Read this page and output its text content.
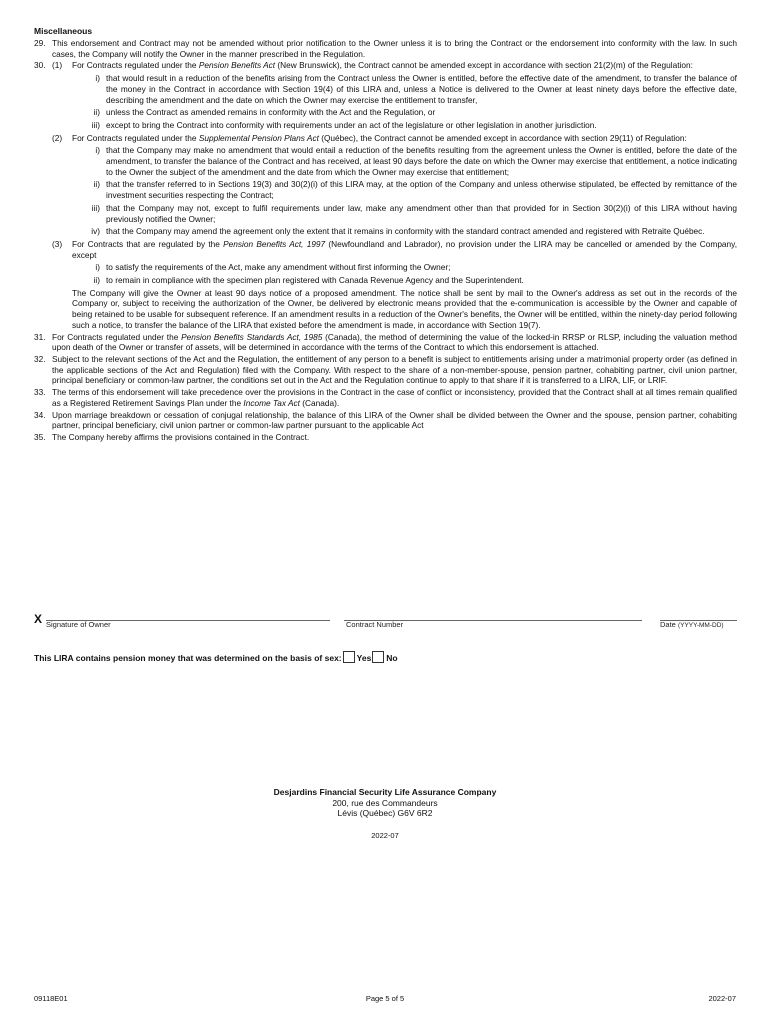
Miscellaneous
29. This endorsement and Contract may not be amended without prior notification to the Owner unless it is to bring the Contract or the endorsement into conformity with the law. In such cases, the Company will notify the Owner in the manner prescribed in the Regulation.
30. (1) For Contracts regulated under the Pension Benefits Act (New Brunswick), the Contract cannot be amended except in accordance with section 21(2)(m) of the Regulation:
i) that would result in a reduction of the benefits arising from the Contract unless the Owner is entitled, before the effective date of the amendment, to transfer the balance of the money in the Contract in accordance with Section 19(4) of this LIRA and, unless a Notice is delivered to the Owner at least ninety days before the effective date, describing the amendment and the date on which the Owner may exercise the entitlement to transfer,
ii) unless the Contract as amended remains in conformity with the Act and the Regulation, or
iii) except to bring the Contract into conformity with requirements under an act of the legislature or other legislation in another jurisdiction.
(2) For Contracts regulated under the Supplemental Pension Plans Act (Québec), the Contract cannot be amended except in accordance with section 29(11) of Regulation:
i) that the Company may make no amendment that would entail a reduction of the benefits resulting from the agreement unless the Owner is entitled, before the date of the amendment, to transfer the balance of the Contract and has received, at least 90 days before the date on which the Owner may exercise that entitlement, a notice indicating to the Owner the subject of the amendment and the date from which the Owner may exercise that entitlement;
ii) that the transfer referred to in Sections 19(3) and 30(2)(i) of this LIRA may, at the option of the Company and unless otherwise stipulated, be effected by remittance of the investment securities respecting the Contract;
iii) that the Company may not, except to fulfil requirements under law, make any amendment other than that provided for in Section 30(2)(i) of this LIRA without having previously notified the Owner;
iv) that the Company may amend the agreement only the extent that it remains in conformity with the standard contract amended and registered with Retraite Québec.
(3) For Contracts that are regulated by the Pension Benefits Act, 1997 (Newfoundland and Labrador), no provision under the LIRA may be cancelled or amended by the Company, except
i) to satisfy the requirements of the Act, make any amendment without first informing the Owner;
ii) to remain in compliance with the specimen plan registered with Canada Revenue Agency and the Superintendent.
The Company will give the Owner at least 90 days notice of a proposed amendment. The notice shall be sent by mail to the Owner's address as set out in the records of the Company or, subject to receiving the authorization of the Owner, be delivered by electronic means provided that the e-communication is accessible by the Owner and capable of being retained to be usable for subsequent reference. If an amendment results in a reduction of the Owner's benefits, the Owner will be entitled, within the ninety-day period following such a notice, to transfer the balance of the LIRA that existed before the amendment is made, in accordance with Section 19(7).
31. For Contracts regulated under the Pension Benefits Standards Act, 1985 (Canada), the method of determining the value of the locked-in RRSP or RLSP, including the valuation method upon death of the Owner or transfer of assets, will be determined in accordance with the terms of the Contract to which this endorsement is attached.
32. Subject to the relevant sections of the Act and the Regulation, the entitlement of any person to a benefit is subject to entitlements arising under a matrimonial property order (as defined in the applicable sections of the Act and Regulation) filed with the Company. With respect to the share of a non-member-spouse, pension partner, cohabiting partner, civil union partner, principal beneficiary or common-law partner, the conditions set out in the Act and the Regulation continue to apply to that share if it is transferred to a LIRA, LIF, or LRIF.
33. The terms of this endorsement will take precedence over the provisions in the Contract in the case of conflict or inconsistency, provided that the Contract shall at all times remain qualified as a Registered Retirement Savings Plan under the Income Tax Act (Canada).
34. Upon marriage breakdown or cessation of conjugal relationship, the balance of this LIRA of the Owner shall be divided between the Owner and the spouse, pension partner, cohabiting partner, principal beneficiary, civil union partner or common-law partner pursuant to the applicable Act
35. The Company hereby affirms the provisions contained in the Contract.
X Signature of Owner	Contract Number	Date (YYYY-MM-DD)
This LIRA contains pension money that was determined on the basis of sex: Yes No
Desjardins Financial Security Life Assurance Company
200, rue des Commandeurs
Lévis (Québec) G6V 6R2
2022-07
09118E01	Page 5 of 5	2022-07
